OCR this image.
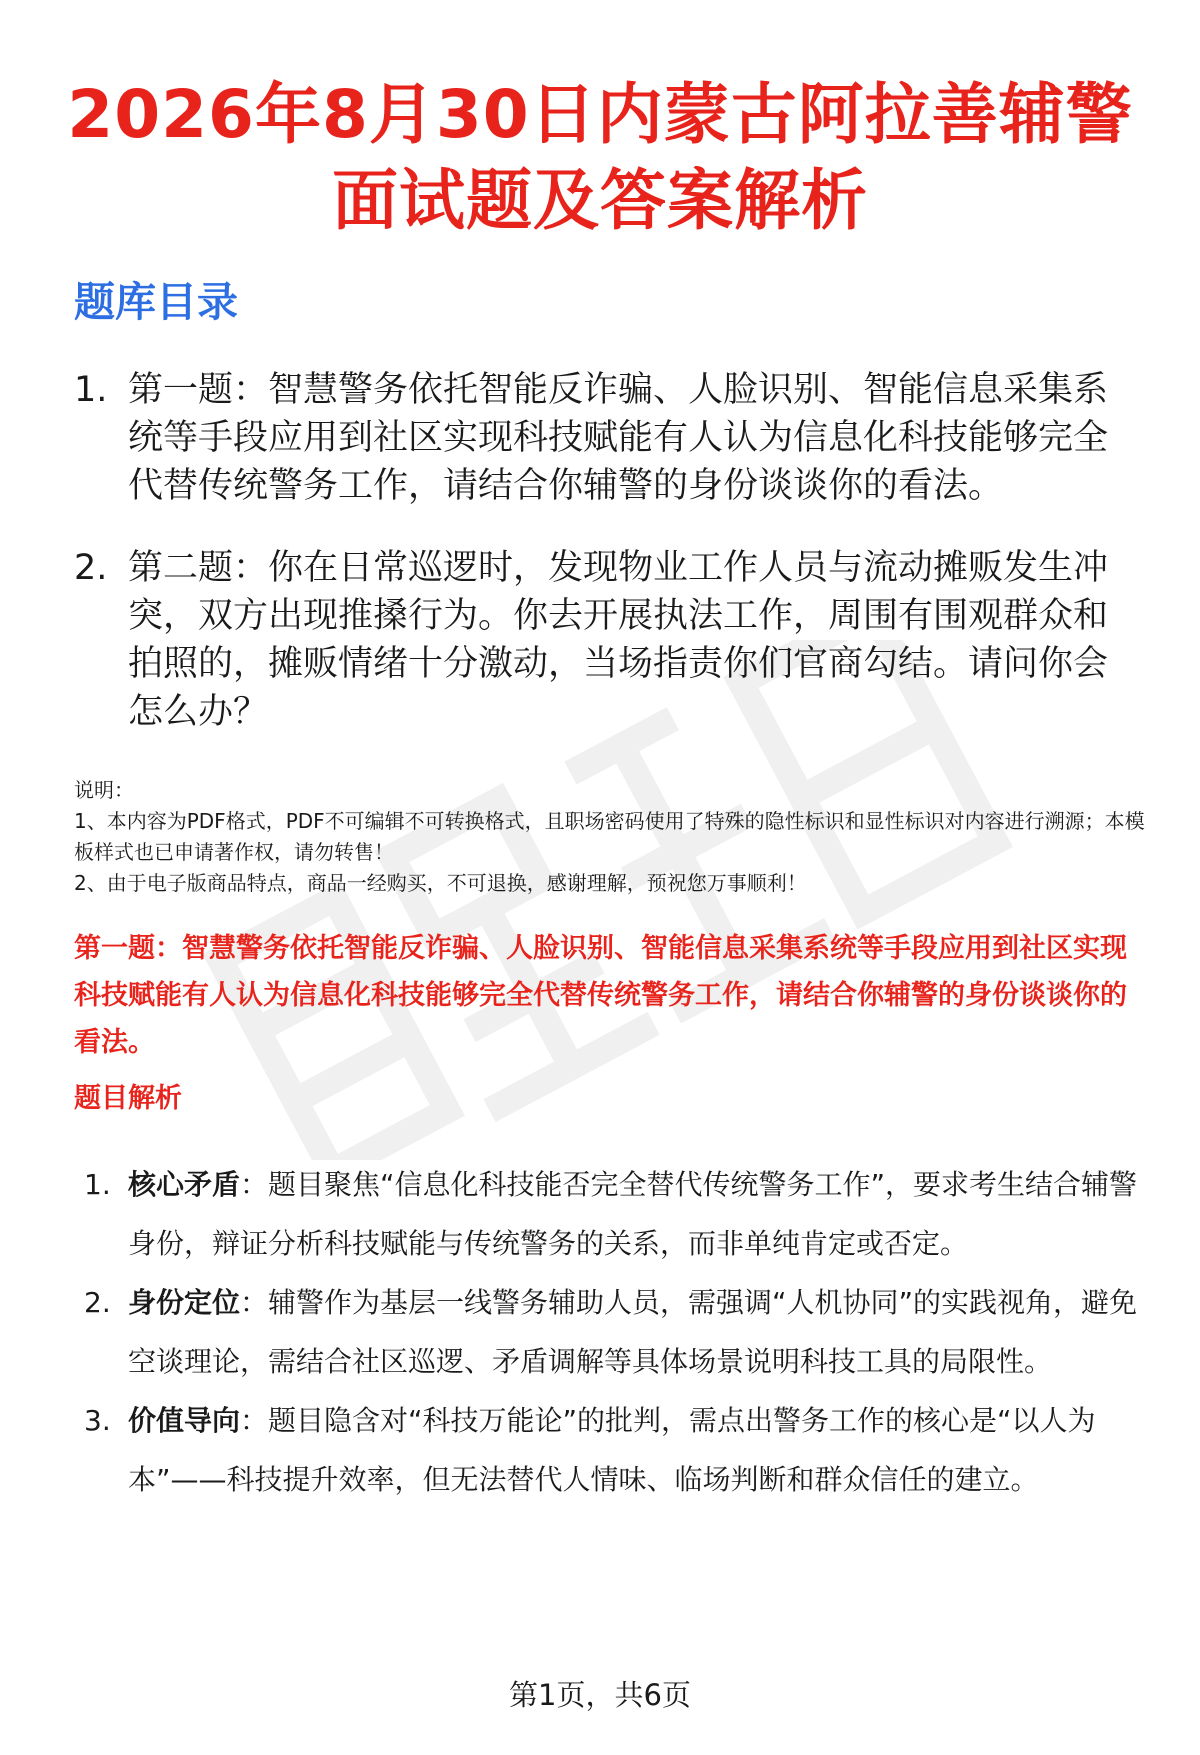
2026年8月30日内蒙古阿拉善辅警
面试题及答案解析
题库目录
1. 第一题：智慧警务依托智能反诈骗、人脸识别、智能信息采集系统等手段应用到社区实现科技赋能有人认为信息化科技能够完全代替传统警务工作，请结合你辅警的身份谈谈你的看法。
2. 第二题：你在日常巡逻时，发现物业工作人员与流动摊贩发生冲突，双方出现推搡行为。你去开展执法工作，周围有围观群众和拍照的，摊贩情绪十分激动，当场指责你们官商勾结。请问你会怎么办？
说明：
1、本内容为PDF格式，PDF不可编辑不可转换格式，且职场密码使用了特殊的隐性标识和显性标识对内容进行溯源；本模板样式也已申请著作权，请勿转售！
2、由于电子版商品特点，商品一经购买，不可退换，感谢理解，预祝您万事顺利！
第一题：智慧警务依托智能反诈骗、人脸识别、智能信息采集系统等手段应用到社区实现科技赋能有人认为信息化科技能够完全代替传统警务工作，请结合你辅警的身份谈谈你的看法。
题目解析
1. 核心矛盾：题目聚焦“信息化科技能否完全替代传统警务工作”，要求考生结合辅警身份，辩证分析科技赋能与传统警务的关系，而非单纯肯定或否定。
2. 身份定位：辅警作为基层一线警务辅助人员，需强调“人机协同”的实践视角，避免空谈理论，需结合社区巡逻、矛盾调解等具体场景说明科技工具的局限性。
3. 价值导向：题目隐含对“科技万能论”的批判，需点出警务工作的核心是“以人为本”——科技提升效率，但无法替代人情味、临场判断和群众信任的建立。
第1页，共6页
